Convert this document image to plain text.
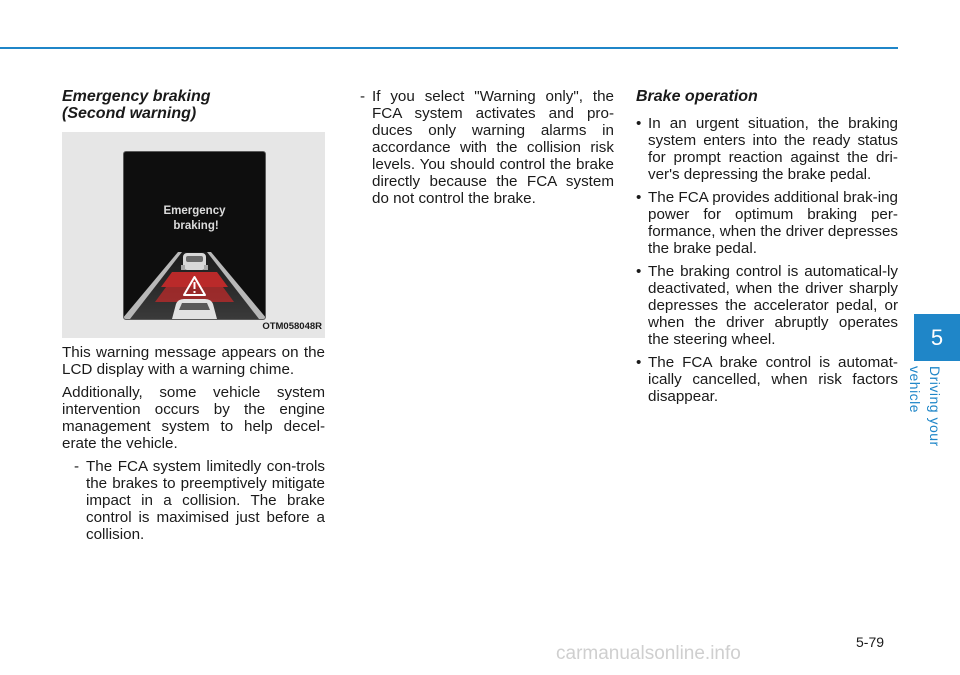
Emergency braking
(Second warning)
Emergency
braking!
OTM058048R

This warning message appears on the LCD display with a warning chime.

Additionally, some vehicle system intervention occurs by the engine management system to help decel-erate the vehicle.

- The FCA system limitedly con-trols the brakes to preemptively mitigate impact in a collision. The brake control is maximised just before a collision.
- If you select "Warning only", the FCA system activates and pro-duces only warning alarms in accordance with the collision risk levels. You should control the brake directly because the FCA system do not control the brake.
Brake operation
• In an urgent situation, the braking system enters into the ready status for prompt reaction against the dri-ver's depressing the brake pedal.
• The FCA provides additional brak-ing power for optimum braking per-formance, when the driver depresses the brake pedal.
• The braking control is automatical-ly deactivated, when the driver sharply depresses the accelerator pedal, or when the driver abruptly operates the steering wheel.
• The FCA brake control is automat-ically cancelled, when risk factors disappear.
5
Driving your vehicle
5-79
carmanualsonline.info
